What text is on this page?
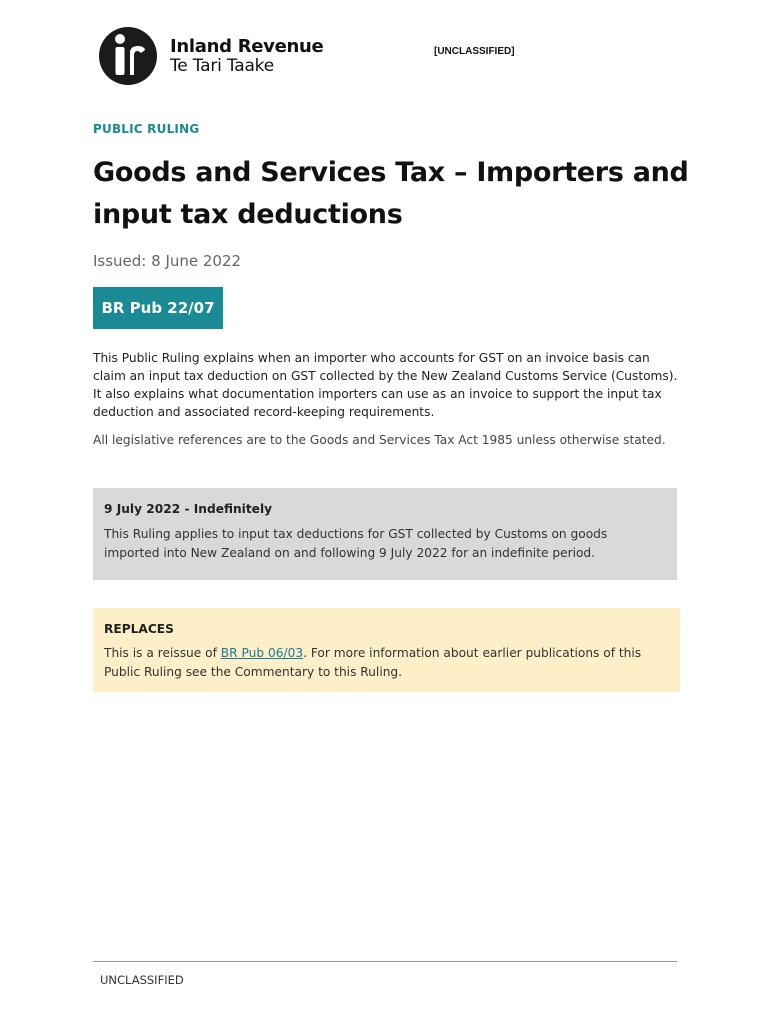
Inland Revenue
Te Tari Taake
[UNCLASSIFIED]
PUBLIC RULING
Goods and Services Tax – Importers and input tax deductions
Issued: 8 June 2022
BR Pub 22/07

This Public Ruling explains when an importer who accounts for GST on an invoice basis can claim an input tax deduction on GST collected by the New Zealand Customs Service (Customs). It also explains what documentation importers can use as an invoice to support the input tax deduction and associated record-keeping requirements.

All legislative references are to the Goods and Services Tax Act 1985 unless otherwise stated.

9 July 2022 - Indefinitely

This Ruling applies to input tax deductions for GST collected by Customs on goods imported into New Zealand on and following 9 July 2022 for an indefinite period.

REPLACES

This is a reissue of BR Pub 06/03. For more information about earlier publications of this Public Ruling see the Commentary to this Ruling.

UNCLASSIFIED
